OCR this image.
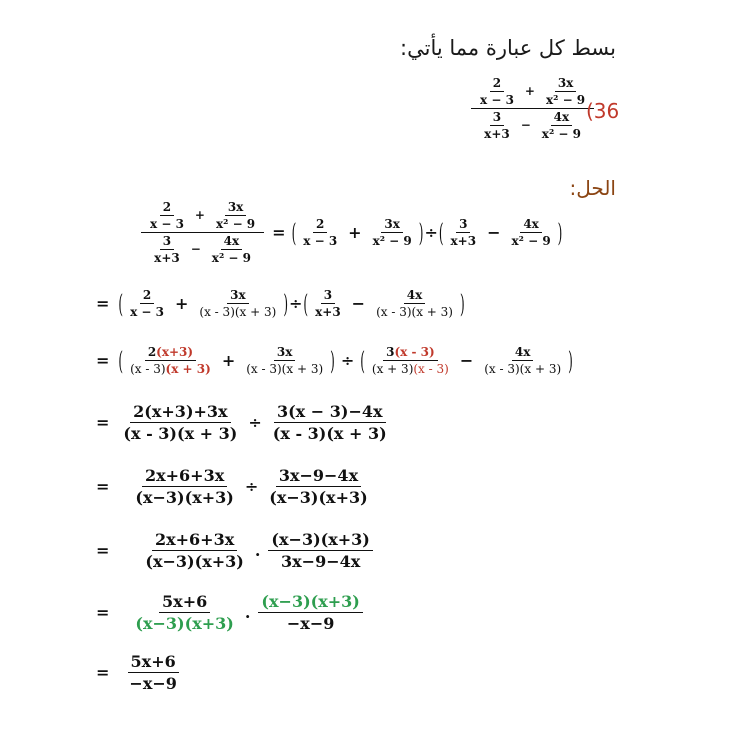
بسط كل عبارة مما يأتي:
$\frac{\frac{2}{x - 3} + \frac{3x}{\text{x² − 9}}}{\frac{3}{x+3} - \frac{4x}{\text{x² − 9}}}$
(36
الحل:
$\frac{\frac{2}{x - 3} + \frac{3x}{\text{x² − 9}}}{\frac{3}{x+3} - \frac{4x}{\text{x² − 9}}}$ = ( $\frac{2}{x - 3} + \frac{3x}{\text{x² − 9}}$ ) ÷ ( $\frac{3}{x+3} - \frac{4x}{\text{x² − 9}}$ )
= ( $\frac{2}{x - 3} + \frac{3x}{(x - 3)(x + 3)}$ ) ÷ ( $\frac{3}{x+3} - \frac{4x}{(x - 3)(x + 3)}$ )
= ( $\frac{2(x+3)}{(x - 3)(x + 3)} + \frac{3x}{(x - 3)(x + 3)}$ ) ÷ ( $\frac{3(x - 3)}{(x + 3)(x - 3)} - \frac{4x}{(x - 3)(x + 3)}$ )
= $\frac{2(x+3)+3x}{(x - 3)(x + 3)} \div \frac{3(x - 3)-4x}{(x - 3)(x + 3)}$
= $\frac{2x+6+3x}{(x-3)(x+3)} \div \frac{3x-9-4x}{(x-3)(x+3)}$
= $\frac{2x+6+3x}{(x-3)(x+3)}$ . $\frac{(x-3)(x+3)}{3x-9-4x}$
= $\frac{5x+6}{(x-3)(x+3)}$ . $\frac{(x-3)(x+3)}{-x-9}$
= $\frac{5x+6}{-x-9}$
